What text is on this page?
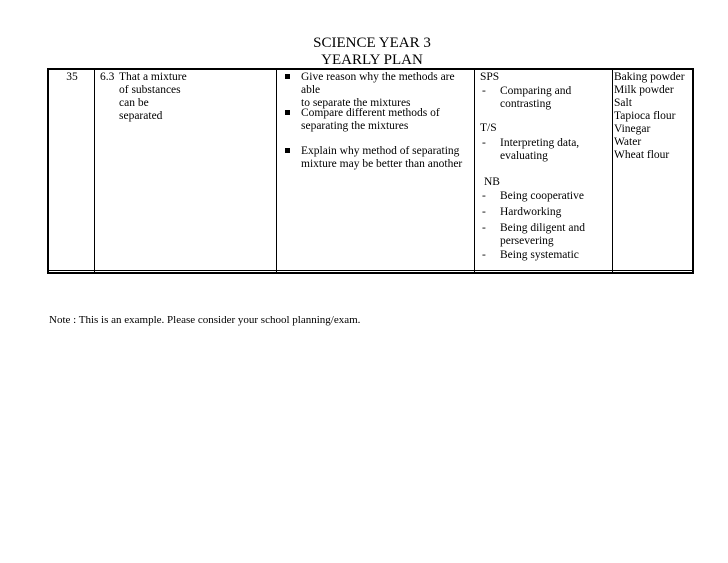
SCIENCE YEAR 3
YEARLY PLAN
35	6.3 That a mixture
of substances
can be
separated
Give reason why the methods are able
to separate the mixtures
Compare different methods of
separating the mixtures
Explain why method of separating
mixture may be better than another
SPS
- Comparing and
contrasting
T/S
- Interpreting data,
evaluating
NB
- Being cooperative
- Hardworking
- Being diligent and
persevering
- Being systematic
Baking powder
Milk powder
Salt
Tapioca flour
Vinegar
Water
Wheat flour
Note : This is an example. Please consider your school planning/exam.
